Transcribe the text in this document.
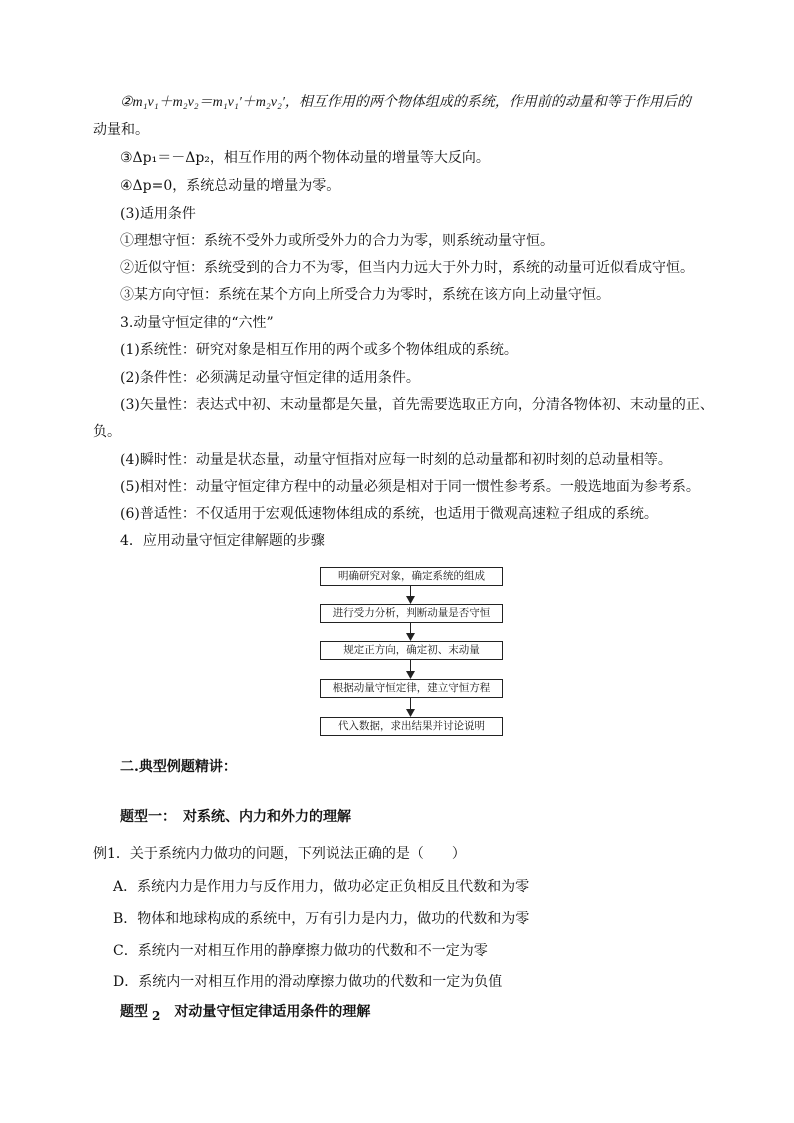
②m₁v₁＋m₂v₂＝m₁v₁′＋m₂v₂′，相互作用的两个物体组成的系统，作用前的动量和等于作用后的
动量和。
③Δp₁＝－Δp₂，相互作用的两个物体动量的增量等大反向。
④Δp=0，系统总动量的增量为零。
(3)适用条件
①理想守恒：系统不受外力或所受外力的合力为零，则系统动量守恒。
②近似守恒：系统受到的合力不为零，但当内力远大于外力时，系统的动量可近似看成守恒。
③某方向守恒：系统在某个方向上所受合力为零时，系统在该方向上动量守恒。
3.动量守恒定律的“六性”
(1)系统性：研究对象是相互作用的两个或多个物体组成的系统。
(2)条件性：必须满足动量守恒定律的适用条件。
(3)矢量性：表达式中初、末动量都是矢量，首先需要选取正方向，分清各物体初、末动量的正、
负。
(4)瞬时性：动量是状态量，动量守恒指对应每一时刻的总动量都和初时刻的总动量相等。
(5)相对性：动量守恒定律方程中的动量必须是相对于同一惯性参考系。一般选地面为参考系。
(6)普适性：不仅适用于宏观低速物体组成的系统，也适用于微观高速粒子组成的系统。
4．应用动量守恒定律解题的步骤
明确研究对象，确定系统的组成
进行受力分析，判断动量是否守恒
规定正方向，确定初、末动量
根据动量守恒定律，建立守恒方程
代入数据，求出结果并讨论说明
二.典型例题精讲：
题型一：　对系统、内力和外力的理解
例1．关于系统内力做功的问题，下列说法正确的是（　　）
A．系统内力是作用力与反作用力，做功必定正负相反且代数和为零
B．物体和地球构成的系统中，万有引力是内力，做功的代数和为零
C．系统内一对相互作用的静摩擦力做功的代数和不一定为零
D．系统内一对相互作用的滑动摩擦力做功的代数和一定为负值
题型 2 对动量守恒定律适用条件的理解
